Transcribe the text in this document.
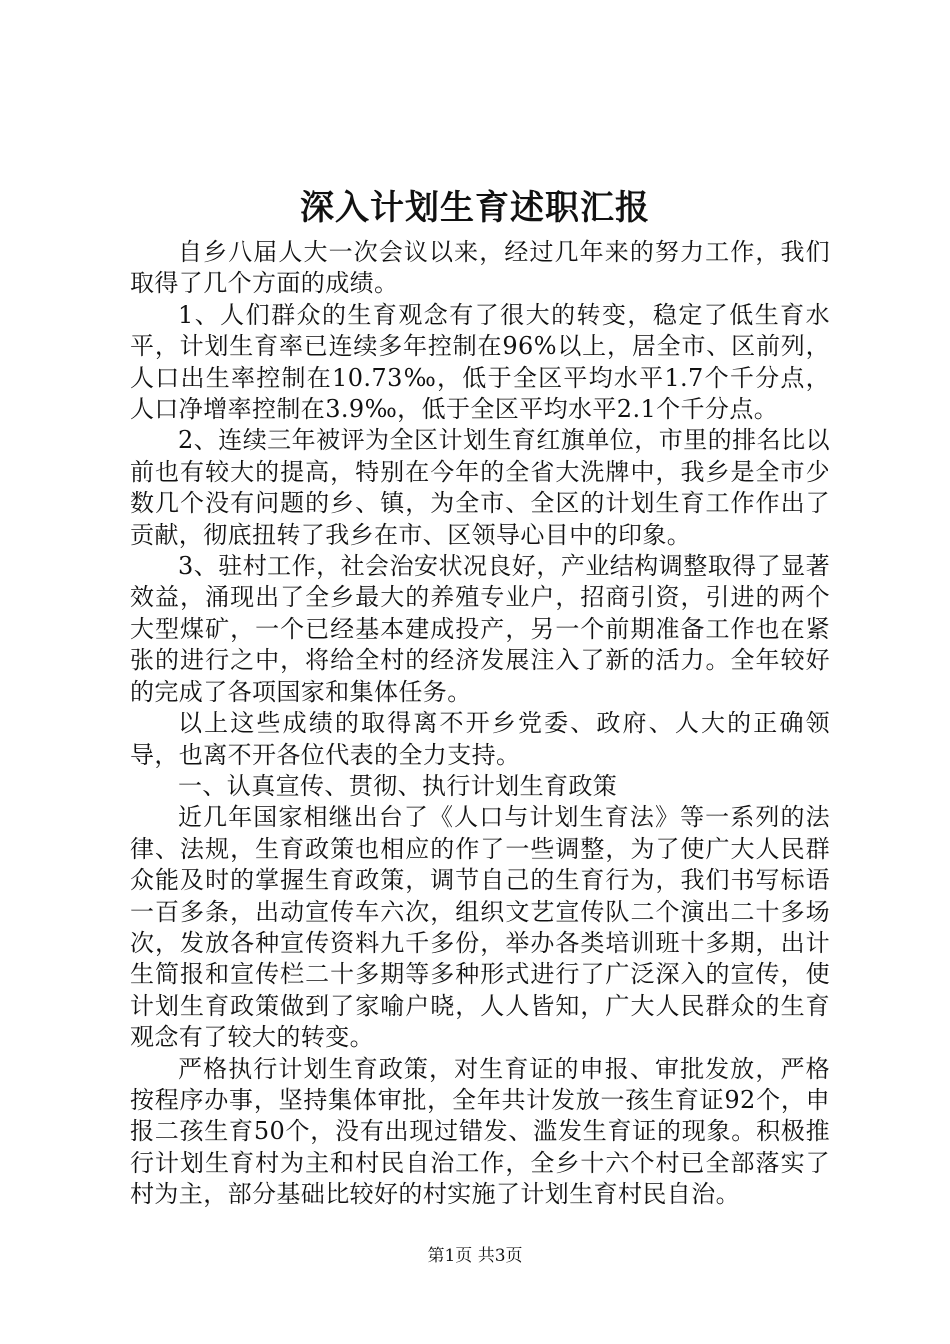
深入计划生育述职汇报

自乡八届人大一次会议以来，经过几年来的努力工作，我们取得了几个方面的成绩。

1、人们群众的生育观念有了很大的转变，稳定了低生育水平，计划生育率已连续多年控制在96%以上，居全市、区前列，人口出生率控制在10.73‰，低于全区平均水平1.7个千分点，人口净增率控制在3.9‰，低于全区平均水平2.1个千分点。

2、连续三年被评为全区计划生育红旗单位，市里的排名比以前也有较大的提高，特别在今年的全省大洗牌中，我乡是全市少数几个没有问题的乡、镇，为全市、全区的计划生育工作作出了贡献，彻底扭转了我乡在市、区领导心目中的印象。

3、驻村工作，社会治安状况良好，产业结构调整取得了显著效益，涌现出了全乡最大的养殖专业户，招商引资，引进的两个大型煤矿，一个已经基本建成投产，另一个前期准备工作也在紧张的进行之中，将给全村的经济发展注入了新的活力。全年较好的完成了各项国家和集体任务。

以上这些成绩的取得离不开乡党委、政府、人大的正确领导，也离不开各位代表的全力支持。

一、认真宣传、贯彻、执行计划生育政策

近几年国家相继出台了《人口与计划生育法》等一系列的法律、法规，生育政策也相应的作了一些调整，为了使广大人民群众能及时的掌握生育政策，调节自己的生育行为，我们书写标语一百多条，出动宣传车六次，组织文艺宣传队二个演出二十多场次，发放各种宣传资料九千多份，举办各类培训班十多期，出计生简报和宣传栏二十多期等多种形式进行了广泛深入的宣传，使计划生育政策做到了家喻户晓，人人皆知，广大人民群众的生育观念有了较大的转变。

严格执行计划生育政策，对生育证的申报、审批发放，严格按程序办事，坚持集体审批，全年共计发放一孩生育证92个，申报二孩生育50个，没有出现过错发、滥发生育证的现象。积极推行计划生育村为主和村民自治工作，全乡十六个村已全部落实了村为主，部分基础比较好的村实施了计划生育村民自治。

第1页 共3页
